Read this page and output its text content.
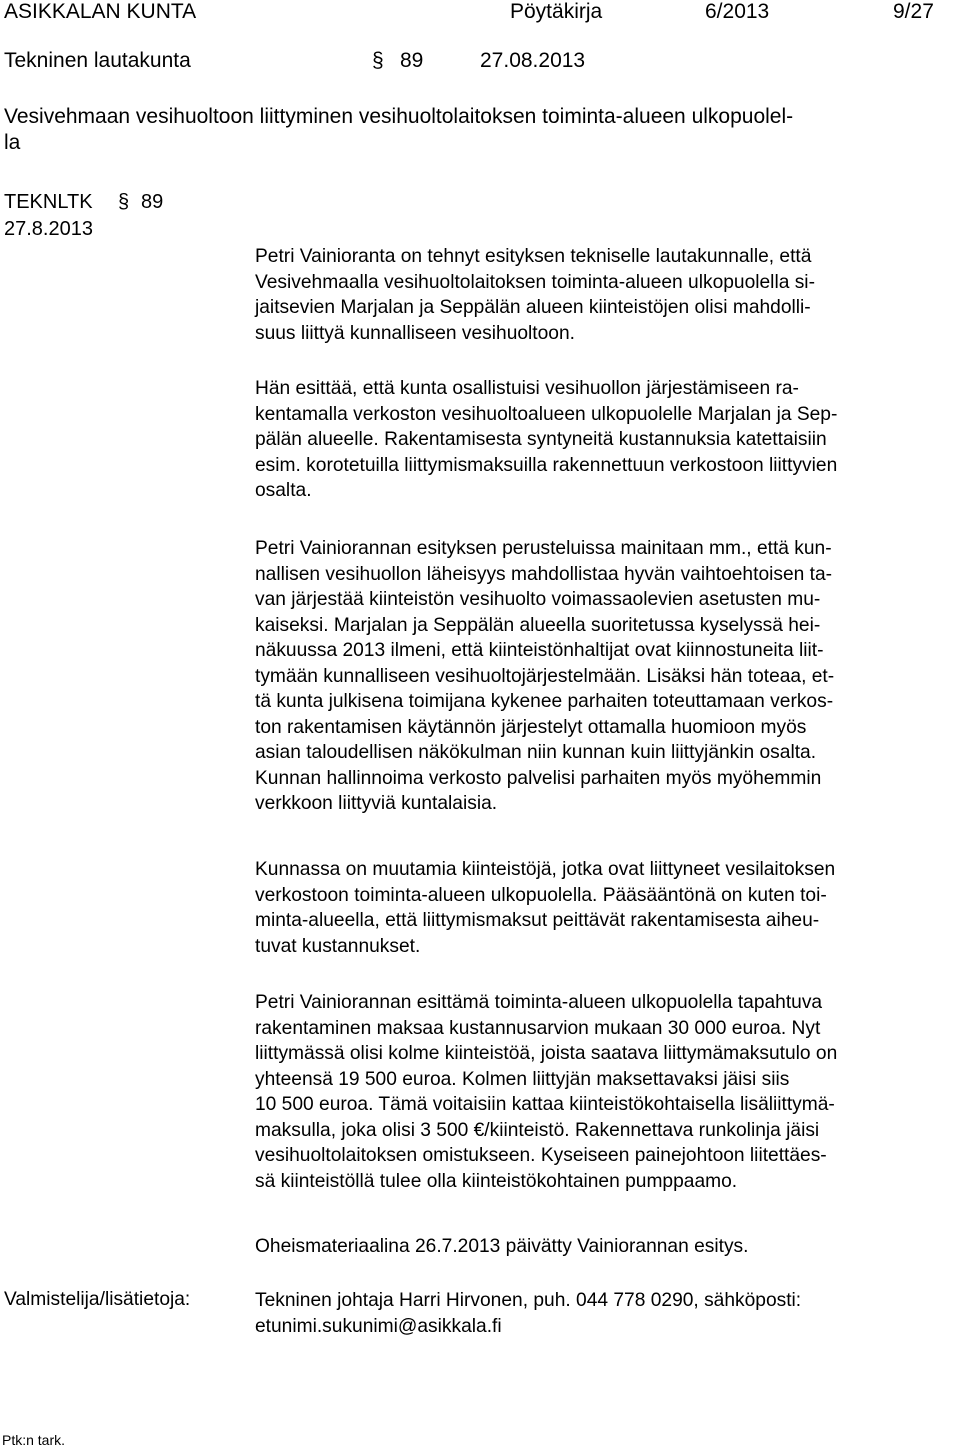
ASIKKALAN KUNTA	Pöytäkirja	6/2013	9/27
Tekninen lautakunta	§ 89	27.08.2013
Vesivehmaan vesihuoltoon liittyminen vesihuoltolaitoksen toiminta-alueen ulkopuolel-
la
TEKNLTK § 89
27.8.2013
Petri Vainioranta on tehnyt esityksen tekniselle lautakunnalle, että
Vesivehmaalla vesihuoltolaitoksen toiminta-alueen ulkopuolella si-
jaitsevien Marjalan ja Seppälän alueen kiinteistöjen olisi mahdolli-
suus liittyä kunnalliseen vesihuoltoon.
Hän esittää, että kunta osallistuisi vesihuollon järjestämiseen ra-
kentamalla verkoston vesihuoltoalueen ulkopuolelle Marjalan ja Sep-
pälän alueelle. Rakentamisesta syntyneitä kustannuksia katettaisiin
esim. korotetuilla liittymismaksuilla rakennettuun verkostoon liittyvien
osalta.
Petri Vainiorannan esityksen perusteluissa mainitaan mm., että kun-
nallisen vesihuollon läheisyys mahdollistaa hyvän vaihtoehtoisen ta-
van järjestää kiinteistön vesihuolto voimassaolevien asetusten mu-
kaiseksi. Marjalan ja Seppälän alueella suoritetussa kyselyssä hei-
näkuussa 2013 ilmeni, että kiinteistönhaltijat ovat kiinnostuneita liit-
tymään kunnalliseen vesihuoltojärjestelmään. Lisäksi hän toteaa, et-
tä kunta julkisena toimijana kykenee parhaiten toteuttamaan verkos-
ton rakentamisen käytännön järjestelyt ottamalla huomioon myös
asian taloudellisen näkökulman niin kunnan kuin liittyjänkin osalta.
Kunnan hallinnoima verkosto palvelisi parhaiten myös myöhemmin
verkkoon liittyviä kuntalaisia.
Kunnassa on muutamia kiinteistöjä, jotka ovat liittyneet vesilaitoksen
verkostoon toiminta-alueen ulkopuolella. Pääsääntönä on kuten toi-
minta-alueella, että liittymismaksut peittävät rakentamisesta aiheu-
tuvat kustannukset.
Petri Vainiorannan esittämä toiminta-alueen ulkopuolella tapahtuva
rakentaminen maksaa kustannusarvion mukaan 30 000 euroa. Nyt
liittymässä olisi kolme kiinteistöä, joista saatava liittymämaksutulo on
yhteensä 19 500 euroa. Kolmen liittyjän maksettavaksi jäisi siis
10 500 euroa. Tämä voitaisiin kattaa kiinteistökohtaisella lisäliittymä-
maksulla, joka olisi 3 500 €/kiinteistö. Rakennettava runkolinja jäisi
vesihuoltolaitoksen omistukseen. Kyseiseen painejohtoon liitettäes-
sä kiinteistöllä tulee olla kiinteistökohtainen pumppaamo.
Oheismateriaalina 26.7.2013 päivätty Vainiorannan esitys.
Valmistelija/lisätietoja:	Tekninen johtaja Harri Hirvonen, puh. 044 778 0290, sähköposti:
etunimi.sukunimi@asikkala.fi
Ptk:n tark.
